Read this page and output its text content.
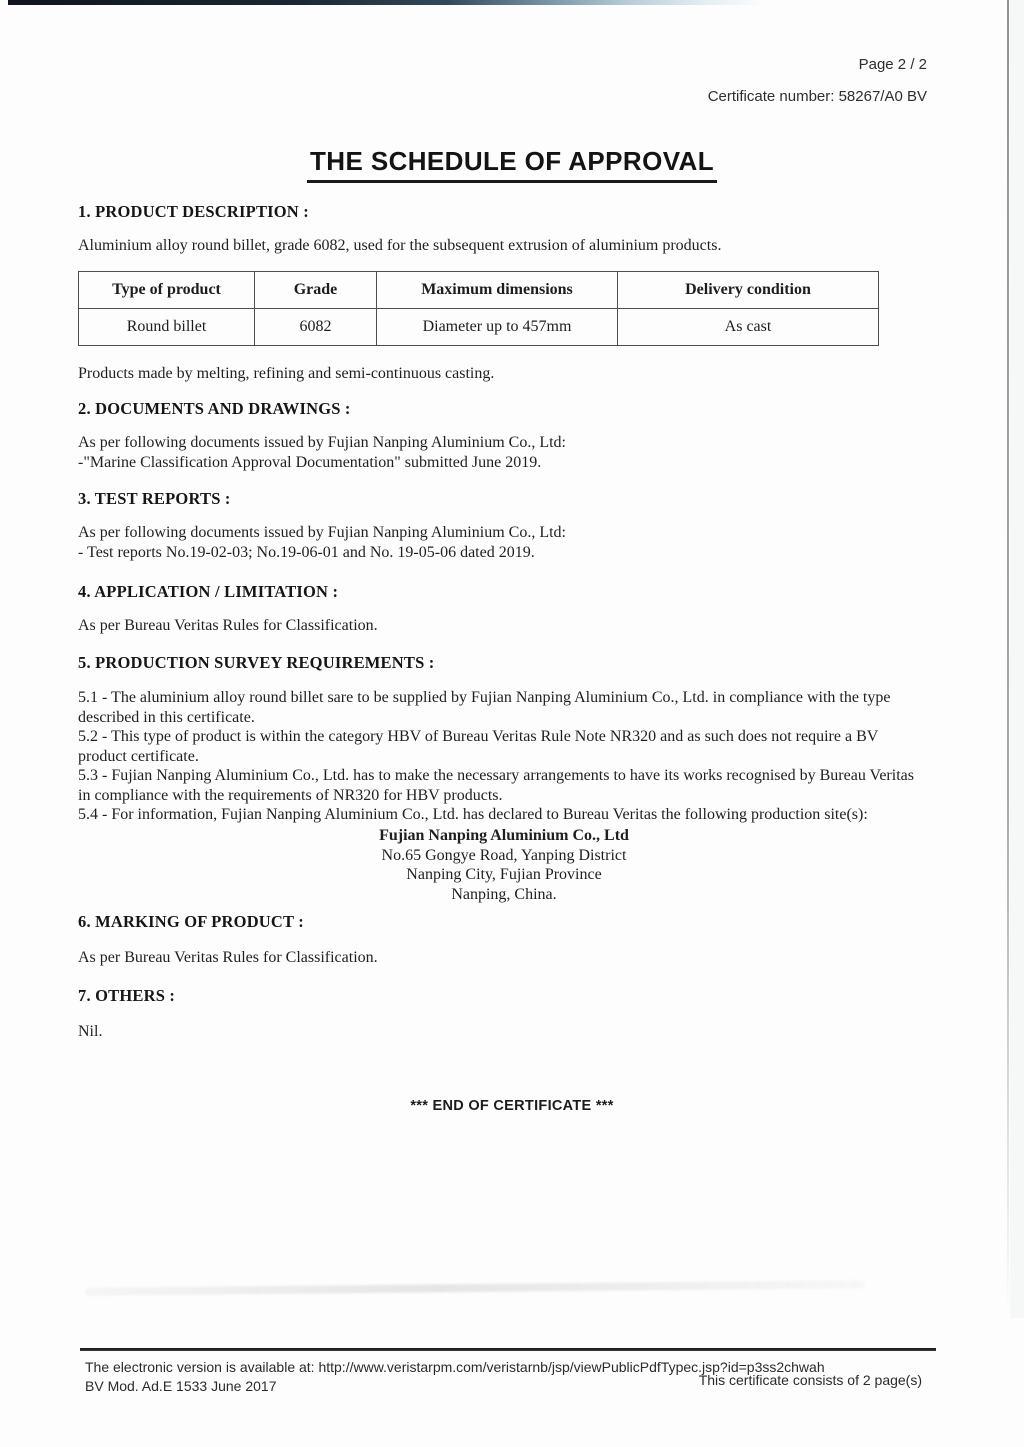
Page 2 / 2
Certificate number: 58267/A0 BV
THE SCHEDULE OF APPROVAL
1. PRODUCT DESCRIPTION :
Aluminium alloy round billet, grade 6082, used for the subsequent extrusion of aluminium products.
Type of product	Grade	Maximum dimensions	Delivery condition
Round billet	6082	Diameter up to 457mm	As cast
Products made by melting, refining and semi-continuous casting.
2. DOCUMENTS AND DRAWINGS :

As per following documents issued by Fujian Nanping Aluminium Co., Ltd:

-"Marine Classification Approval Documentation" submitted June 2019.

3. TEST REPORTS :

As per following documents issued by Fujian Nanping Aluminium Co., Ltd:

- Test reports No.19-02-03; No.19-06-01 and No. 19-05-06 dated 2019.

4. APPLICATION / LIMITATION :
As per Bureau Veritas Rules for Classification.
5. PRODUCTION SURVEY REQUIREMENTS :

5.1 - The aluminium alloy round billet sare to be supplied by Fujian Nanping Aluminium Co., Ltd. in compliance with the type described in this certificate.

5.2 - This type of product is within the category HBV of Bureau Veritas Rule Note NR320 and as such does not require a BV product certificate.

5.3 - Fujian Nanping Aluminium Co., Ltd. has to make the necessary arrangements to have its works recognised by Bureau Veritas in compliance with the requirements of NR320 for HBV products.

5.4 - For information, Fujian Nanping Aluminium Co., Ltd. has declared to Bureau Veritas the following production site(s):

Fujian Nanping Aluminium Co., Ltd
No.65 Gongye Road, Yanping District
Nanping City, Fujian Province
Nanping, China.
6. MARKING OF PRODUCT :
As per Bureau Veritas Rules for Classification.
7. OTHERS :
Nil.
*** END OF CERTIFICATE ***
The electronic version is available at: http://www.veristarpm.com/veristarnb/jsp/viewPublicPdfTypec.jsp?id=p3ss2chwah
BV Mod. Ad.E 1533 June 2017	This certificate consists of 2 page(s)
